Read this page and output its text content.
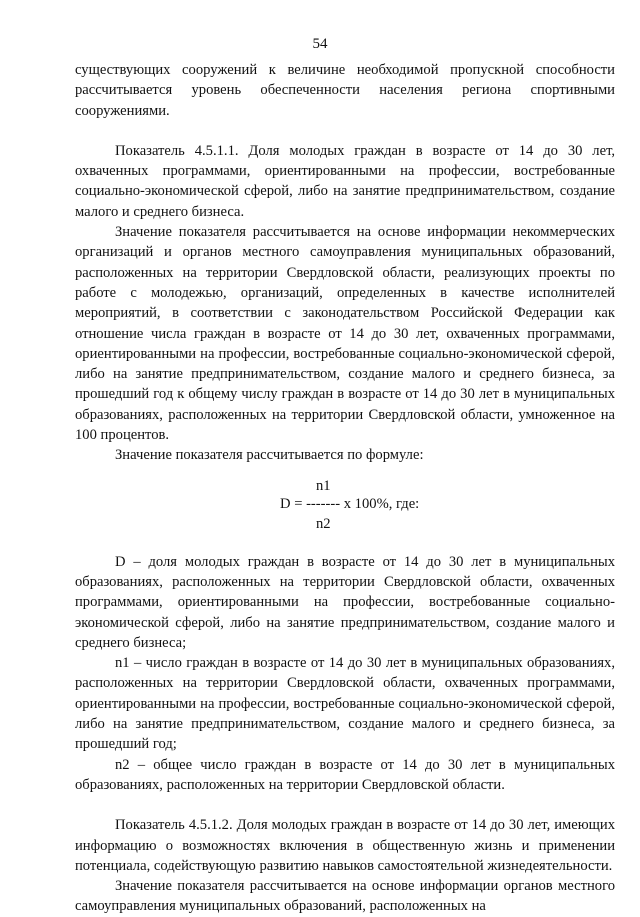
54

существующих сооружений к величине необходимой пропускной способности рассчитывается уровень обеспеченности населения региона спортивными сооружениями.

Показатель 4.5.1.1. Доля молодых граждан в возрасте от 14 до 30 лет, охваченных программами, ориентированными на профессии, востребованные социально-экономической сферой, либо на занятие предпринимательством, создание малого и среднего бизнеса.

Значение показателя рассчитывается на основе информации некоммерческих организаций и органов местного самоуправления муниципальных образований, расположенных на территории Свердловской области, реализующих проекты по работе с молодежью, организаций, определенных в качестве исполнителей мероприятий, в соответствии с законодательством Российской Федерации как отношение числа граждан в возрасте от 14 до 30 лет, охваченных программами, ориентированными на профессии, востребованные социально-экономической сферой, либо на занятие предпринимательством, создание малого и среднего бизнеса, за прошедший год к общему числу граждан в возрасте от 14 до 30 лет в муниципальных образованиях, расположенных на территории Свердловской области, умноженное на 100 процентов.

Значение показателя рассчитывается по формуле:

n1
D = ------- x 100%, где:
n2

D – доля молодых граждан в возрасте от 14 до 30 лет в муниципальных образованиях, расположенных на территории Свердловской области, охваченных программами, ориентированными на профессии, востребованные социально-экономической сферой, либо на занятие предпринимательством, создание малого и среднего бизнеса;

n1 – число граждан в возрасте от 14 до 30 лет в муниципальных образованиях, расположенных на территории Свердловской области, охваченных программами, ориентированными на профессии, востребованные социально-экономической сферой, либо на занятие предпринимательством, создание малого и среднего бизнеса, за прошедший год;

n2 – общее число граждан в возрасте от 14 до 30 лет в муниципальных образованиях, расположенных на территории Свердловской области.

Показатель 4.5.1.2. Доля молодых граждан в возрасте от 14 до 30 лет, имеющих информацию о возможностях включения в общественную жизнь и применении потенциала, содействующую развитию навыков самостоятельной жизнедеятельности.

Значение показателя рассчитывается на основе информации органов местного самоуправления муниципальных образований, расположенных на
